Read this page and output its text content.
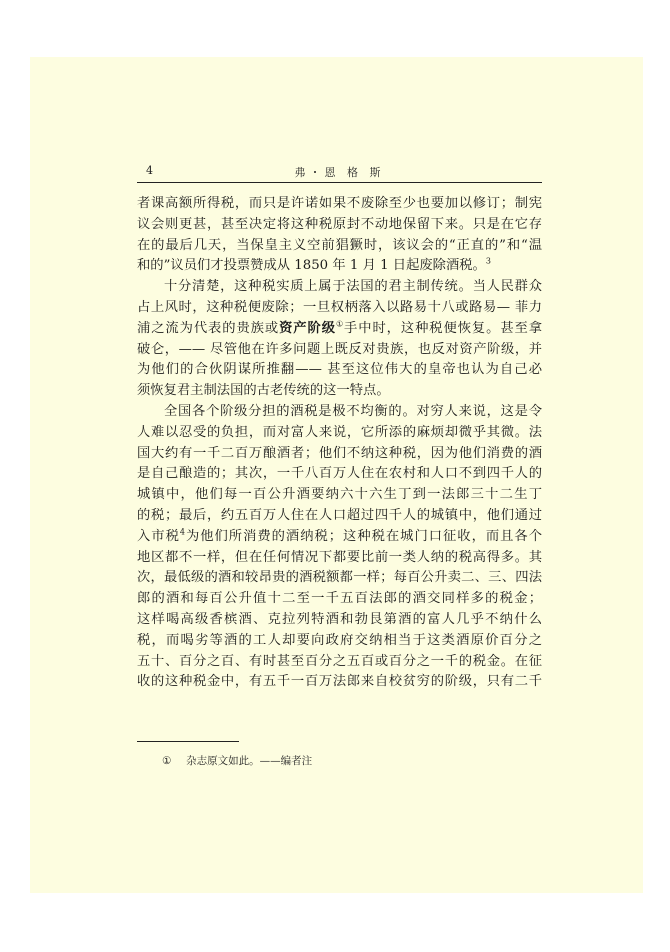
4	弗・恩 格 斯
者课高额所得税，而只是许诺如果不废除至少也要加以修订；制宪
议会则更甚，甚至决定将这种税原封不动地保留下来。只是在它存
在的最后几天，当保皇主义空前猖獗时，该议会的“正直的”和“温
和的”议员们才投票赞成从 1850 年 1 月 1 日起废除酒税。$^3$
十分清楚，这种税实质上属于法国的君主制传统。当人民群众
占上风时，这种税便废除；一旦权柄落入以路易十八或路易— 菲力
浦之流为代表的贵族或资产阶级①手中时，这种税便恢复。甚至拿
破仑，—— 尽管他在许多问题上既反对贵族，也反对资产阶级，并
为他们的合伙阴谋所推翻—— 甚至这位伟大的皇帝也认为自己必
须恢复君主制法国的古老传统的这一特点。
全国各个阶级分担的酒税是极不均衡的。对穷人来说，这是令
人难以忍受的负担，而对富人来说，它所添的麻烦却微乎其微。法
国大约有一千二百万酿酒者；他们不纳这种税，因为他们消费的酒
是自己酿造的；其次，一千八百万人住在农村和人口不到四千人的
城镇中，他们每一百公升酒要纳六十六生丁到一法郎三十二生丁
的税；最后，约五百万人住在人口超过四千人的城镇中，他们通过
入市税$^4$为他们所消费的酒纳税；这种税在城门口征收，而且各个
地区都不一样，但在任何情况下都要比前一类人纳的税高得多。其
次，最低级的酒和较昂贵的酒税额都一样；每百公升卖二、三、四法
郎的酒和每百公升值十二至一千五百法郎的酒交同样多的税金；
这样喝高级香槟酒、克拉列特酒和勃艮第酒的富人几乎不纳什么
税，而喝劣等酒的工人却要向政府交纳相当于这类酒原价百分之
五十、百分之百、有时甚至百分之五百或百分之一千的税金。在征
收的这种税金中，有五千一百万法郎来自校贫穷的阶级，只有二千
① 杂志原文如此。——编者注
